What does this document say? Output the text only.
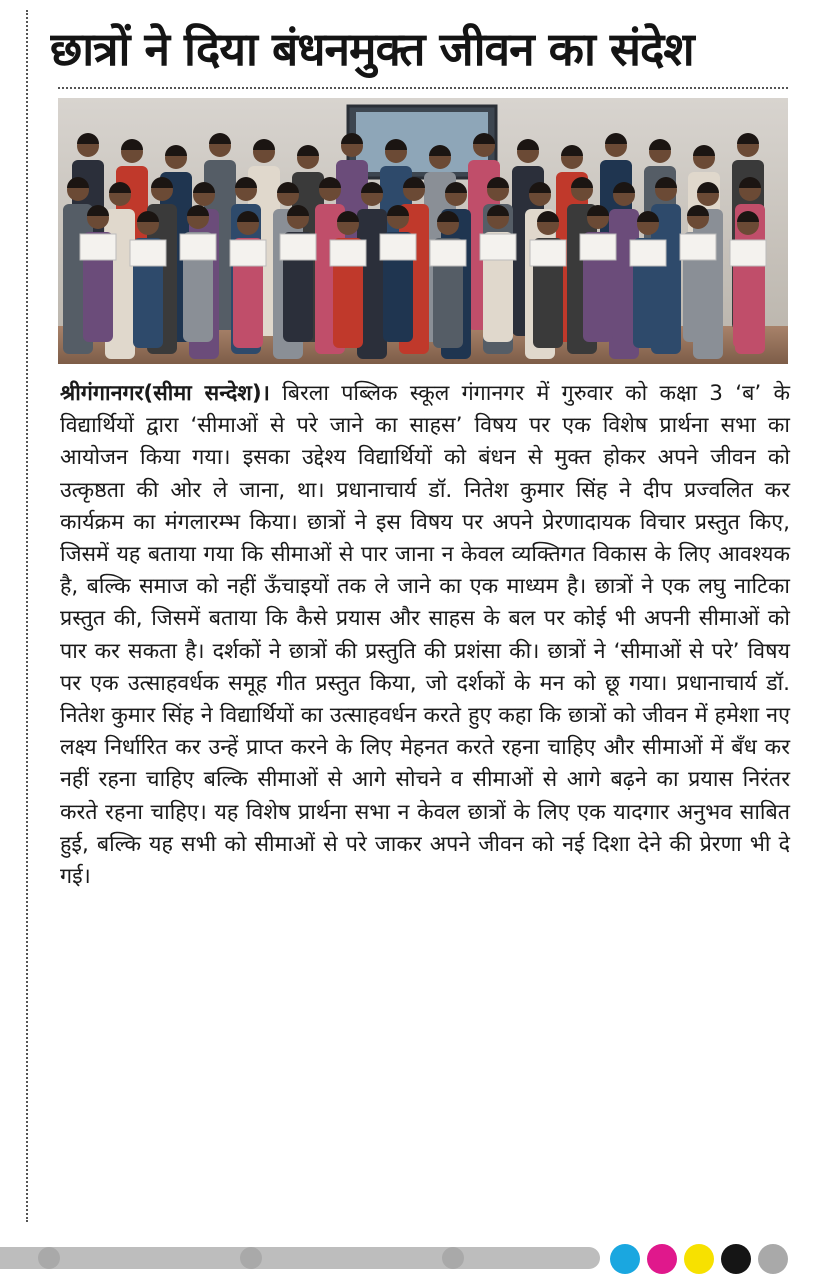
छात्रों ने दिया बंधनमुक्त जीवन का संदेश
श्रीगंगानगर(सीमा सन्देश)। बिरला पब्लिक स्कूल गंगानगर में गुरुवार को कक्षा 3 ‘ब’ के विद्यार्थियों द्वारा ‘सीमाओं से परे जाने का साहस’ विषय पर एक विशेष प्रार्थना सभा का आयोजन किया गया। इसका उद्देश्य विद्यार्थियों को बंधन से मुक्त होकर अपने जीवन को उत्कृष्ठता की ओर ले जाना, था। प्रधानाचार्य डॉ. नितेश कुमार सिंह ने दीप प्रज्वलित कर कार्यक्रम का मंगलारम्भ किया। छात्रों ने इस विषय पर अपने प्रेरणादायक विचार प्रस्तुत किए, जिसमें यह बताया गया कि सीमाओं से पार जाना न केवल व्यक्तिगत विकास के लिए आवश्यक है, बल्कि समाज को नहीं ऊँचाइयों तक ले जाने का एक माध्यम है। छात्रों ने एक लघु नाटिका प्रस्तुत की, जिसमें बताया कि कैसे प्रयास और साहस के बल पर कोई भी अपनी सीमाओं को पार कर सकता है। दर्शकों ने छात्रों की प्रस्तुति की प्रशंसा की। छात्रों ने ‘सीमाओं से परे’ विषय पर एक उत्साहवर्धक समूह गीत प्रस्तुत किया, जो दर्शकों के मन को छू गया। प्रधानाचार्य डॉ. नितेश कुमार सिंह ने विद्यार्थियों का उत्साहवर्धन करते हुए कहा कि छात्रों को जीवन में हमेशा नए लक्ष्य निर्धारित कर उन्हें प्राप्त करने के लिए मेहनत करते रहना चाहिए और सीमाओं में बँध कर नहीं रहना चाहिए बल्कि सीमाओं से आगे सोचने व सीमाओं से आगे बढ़ने का प्रयास निरंतर करते रहना चाहिए। यह विशेष प्रार्थना सभा न केवल छात्रों के लिए एक यादगार अनुभव साबित हुई, बल्कि यह सभी को सीमाओं से परे जाकर अपने जीवन को नई दिशा देने की प्रेरणा भी दे गई।
